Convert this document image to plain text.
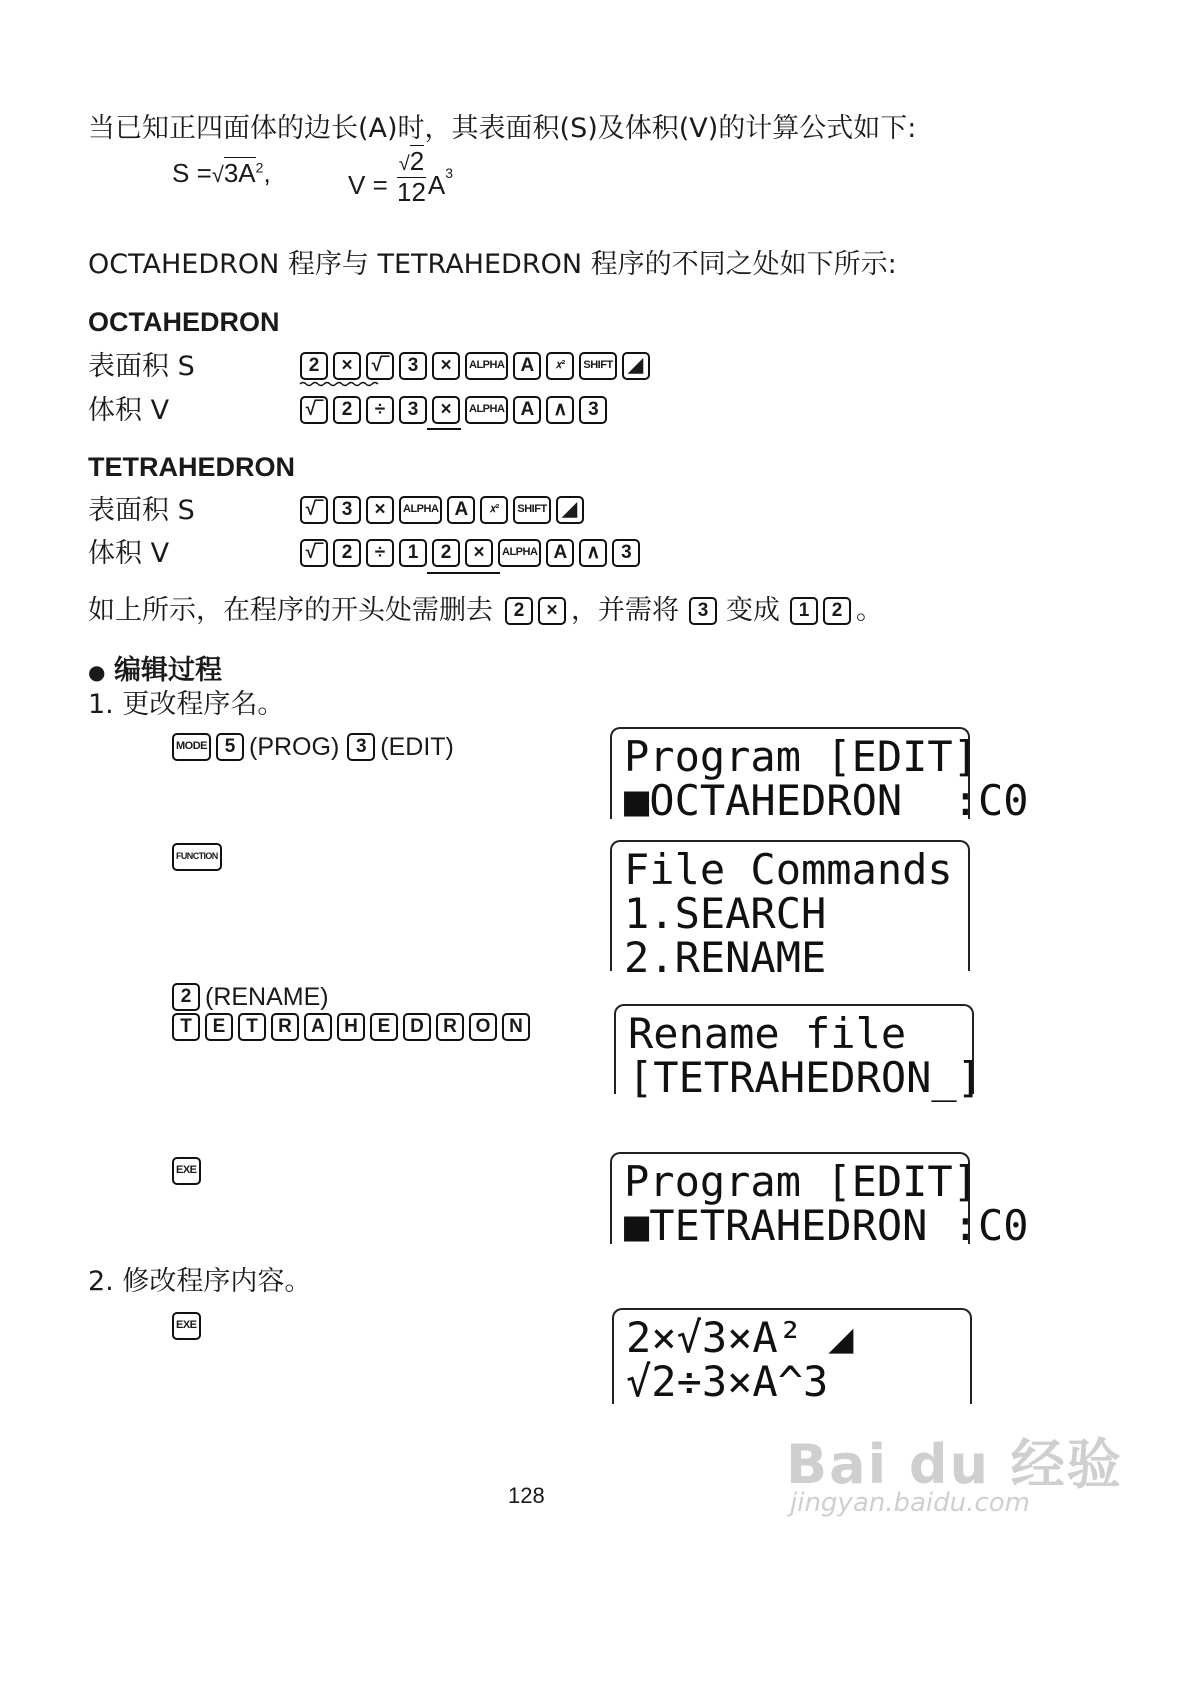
当已知正四面体的边长(A)时，其表面积(S)及体积(V)的计算公式如下:
$S =√3A^2$,	$V = \frac{√2}{12} A^3$
OCTAHEDRON 程序与 TETRAHEDRON 程序的不同之处如下所示:
OCTAHEDRON
表面积 S	2	×	√‾	3	×	ALPHA A	𝑥²	SHIFT ◢
体积 V	√‾	2	÷	3	×	ALPHA A	∧	3
TETRAHEDRON
表面积 S	√‾	3	×	ALPHA A	𝑥²	SHIFT ◢
体积 V	√‾	2	÷	1	2	×	ALPHA A	∧	3
如上所示，在程序的开头处需删去	2	× ，并需将 3 变成 1	2 。
● 编辑过程
1. 更改程序名。
MODE 5 (PROG) 3 (EDIT)	Program [EDIT]
■OCTAHEDRON  :C0
FUNCTION	File Commands
1.SEARCH
2.RENAME
2 (RENAME)
T	E	T	R	A	H	E	D	R O N	Rename file
[TETRAHEDRON_]
EXE	Program [EDIT]
■TETRAHEDRON :C0
2. 修改程序内容。
EXE	2×√3×A² ◢
√2÷3×A^3
128	Bai du 经验
jingyan.baidu.com
